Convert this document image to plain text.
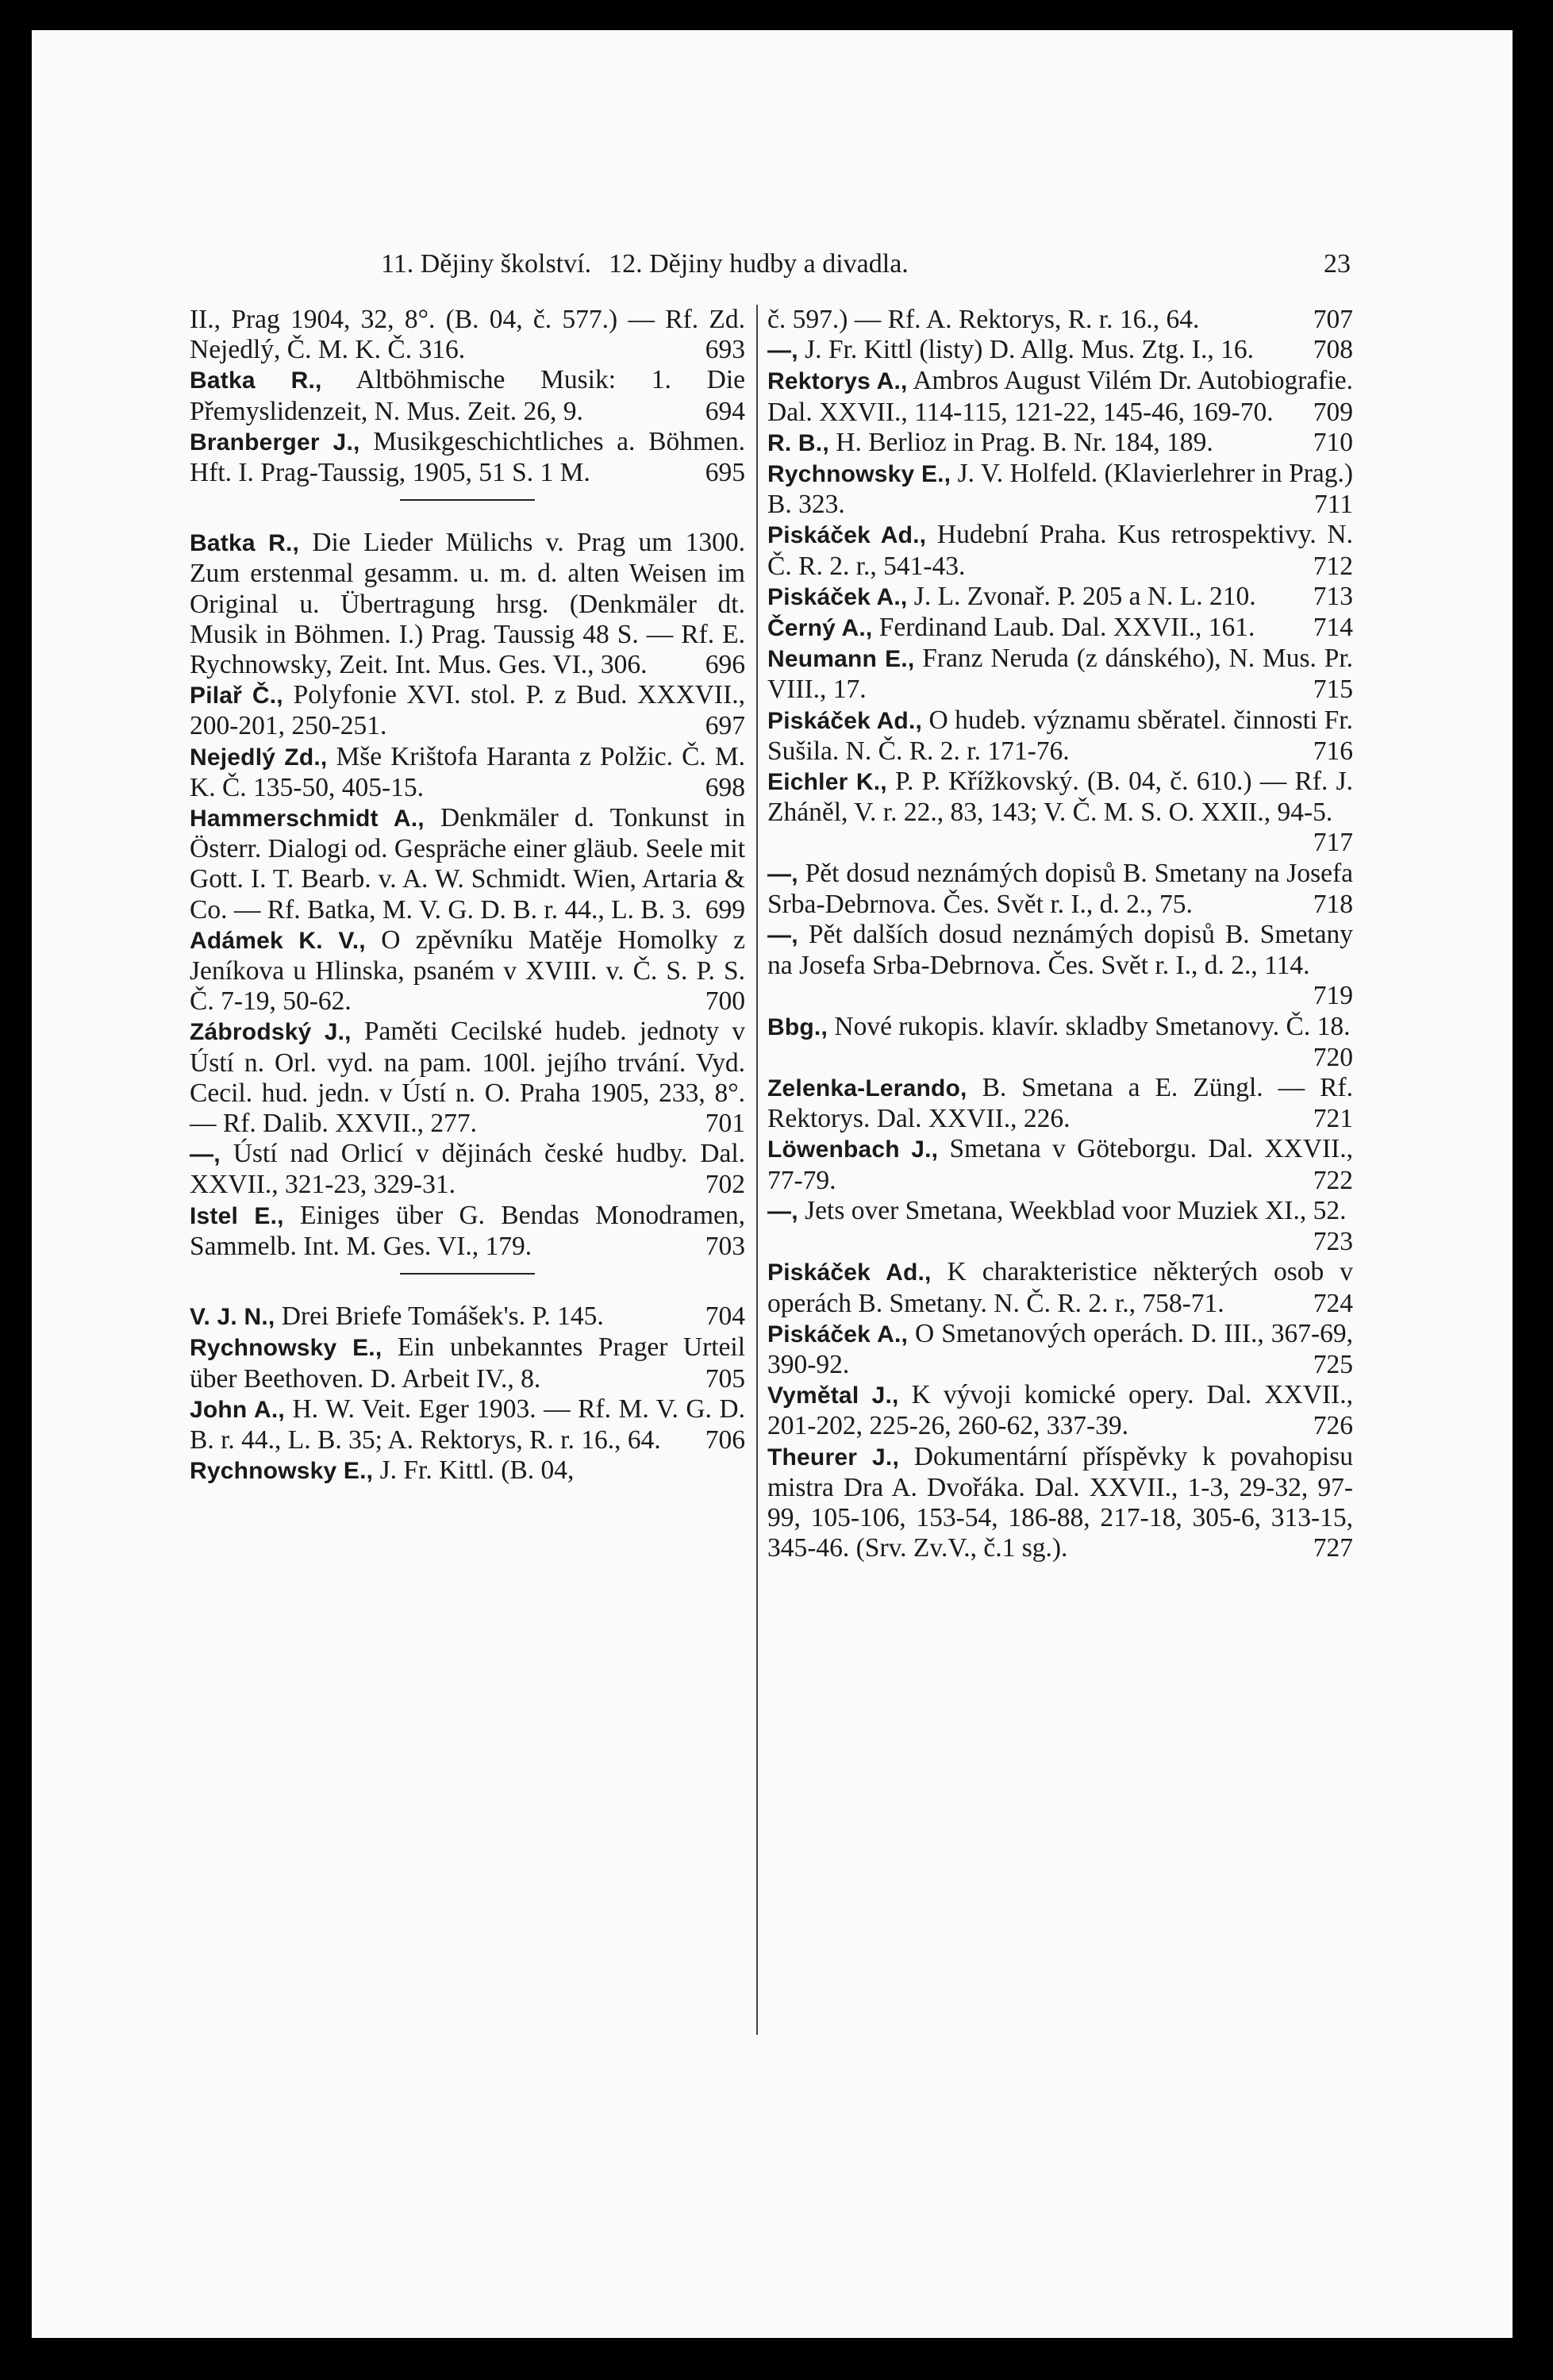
11. Dějiny školství. 12. Dějiny hudby a divadla.	23

II., Prag 1904, 32, 8°. (B. 04, č. 577.) — Rf. Zd. Nejedlý, Č. M. K. Č. 316.	693

Batka R., Altböhmische Musik: 1. Die Přemyslidenzeit, N. Mus. Zeit. 26, 9.	694

Branberger J., Musikgeschichtliches a. Böhmen. Hft. I. Prag-Taussig, 1905, 51 S. 1 M.	695

Batka R., Die Lieder Mülichs v. Prag um 1300. Zum erstenmal gesamm. u. m. d. alten Weisen im Original u. Übertragung hrsg. (Denkmäler dt. Musik in Böhmen. I.) Prag. Taussig 48 S. — Rf. E. Rychnowsky, Zeit. Int. Mus. Ges. VI., 306. 696

Pilař Č., Polyfonie XVI. stol. P. z Bud. XXXVII., 200-201, 250-251.	697

Nejedlý Zd., Mše Krištofa Haranta z Polžic. Č. M. K. Č. 135-50, 405-15.	698

Hammerschmidt A., Denkmäler d. Tonkunst in Österr. Dialogi od. Gespräche einer gläub. Seele mit Gott. I. T. Bearb. v. A. W. Schmidt. Wien, Artaria & Co. — Rf. Batka, M. V. G. D. B. r. 44., L. B. 3. 699

Adámek K. V., O zpěvníku Matěje Homolky z Jeníkova u Hlinska, psaném v XVIII. v. Č. S. P. S. Č. 7-19, 50-62.	700

Zábrodský J., Paměti Cecilské hudeb. jednoty v Ústí n. Orl. vyd. na pam. 100l. jejího trvání. Vyd. Cecil. hud. jedn. v Ústí n. O. Praha 1905, 233, 8°. — Rf. Dalib. XXVII., 277.	701

—, Ústí nad Orlicí v dějinách české hudby. Dal. XXVII., 321-23, 329-31.	702

Istel E., Einiges über G. Bendas Monodramen, Sammelb. Int. M. Ges. VI., 179.	703

V. J. N., Drei Briefe Tomášek's. P. 145.	704

Rychnowsky E., Ein unbekanntes Prager Urteil über Beethoven. D. Arbeit IV., 8.	705

John A., H. W. Veit. Eger 1903. — Rf. M. V. G. D. B. r. 44., L. B. 35; A. Rektorys, R. r. 16., 64. 706

Rychnowsky E., J. Fr. Kittl. (B. 04,

č. 597.) — Rf. A. Rektorys, R. r. 16., 64.	707

—, J. Fr. Kittl (listy) D. Allg. Mus. Ztg. I., 16. 708

Rektorys A., Ambros August Vilém Dr. Autobiografie. Dal. XXVII., 114-115, 121-22, 145-46, 169-70. 709

R. B., H. Berlioz in Prag. B. Nr. 184, 189.	710

Rychnowsky E., J. V. Holfeld. (Klavierlehrer in Prag.) B. 323.	711

Piskáček Ad., Hudební Praha. Kus retrospektivy. N. Č. R. 2. r., 541-43.	712

Piskáček A., J. L. Zvonař. P. 205 a N. L. 210. 713

Černý A., Ferdinand Laub. Dal. XXVII., 161. 714

Neumann E., Franz Neruda (z dánského), N. Mus. Pr. VIII., 17.	715

Piskáček Ad., O hudeb. významu sběratel. činnosti Fr. Sušila. N. Č. R. 2. r. 171-76.	716

Eichler K., P. P. Křížkovský. (B. 04, č. 610.) — Rf. J. Zháněl, V. r. 22., 83, 143; V. Č. M. S. O. XXII., 94-5.
717

—, Pět dosud neznámých dopisů B. Smetany na Josefa Srba-Debrnova. Čes. Svět r. I., d. 2., 75.	718

—, Pět dalších dosud neznámých dopisů B. Smetany na Josefa Srba-Debrnova. Čes. Svět r. I., d. 2., 114.
719

Bbg., Nové rukopis. klavír. skladby Smetanovy. Č. 18.
720

Zelenka-Lerando, B. Smetana a E. Züngl. — Rf. Rektorys. Dal. XXVII., 226.	721

Löwenbach J., Smetana v Göteborgu. Dal. XXVII., 77-79.	722

—, Jets over Smetana, Weekblad voor Muziek XI., 52.
723

Piskáček Ad., K charakteristice některých osob v operách B. Smetany. N. Č. R. 2. r., 758-71.	724

Piskáček A., O Smetanových operách. D. III., 367-69, 390-92.	725

Vymětal J., K vývoji komické opery. Dal. XXVII., 201-202, 225-26, 260-62, 337-39.	726

Theurer J., Dokumentární příspěvky k povahopisu mistra Dra A. Dvořáka. Dal. XXVII., 1-3, 29-32, 97-99, 105-106, 153-54, 186-88, 217-18, 305-6, 313-15, 345-46. (Srv. Zv.V., č.1 sg.).	727
